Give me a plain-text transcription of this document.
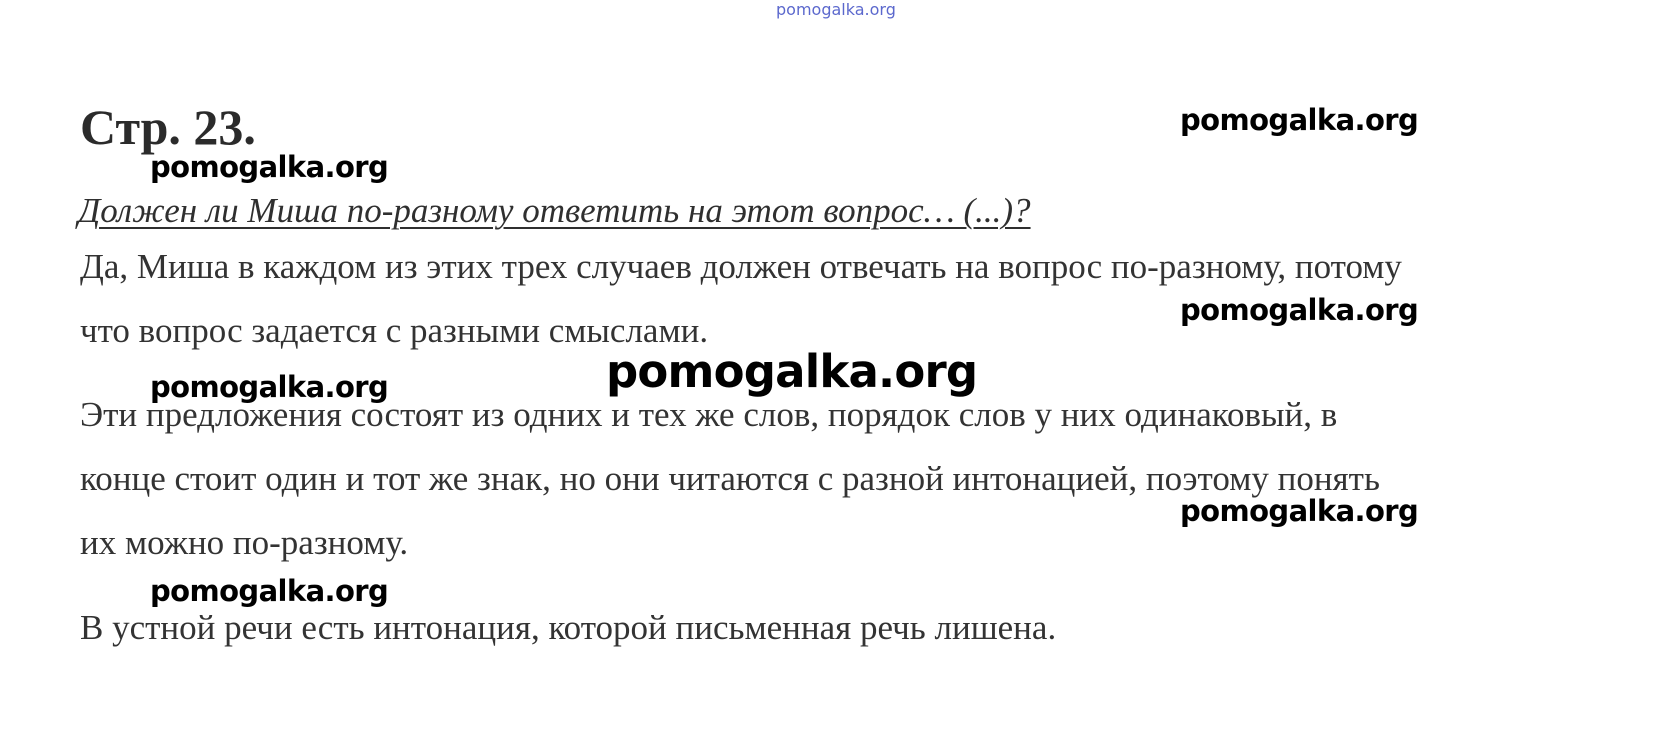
pomogalka.org
Стр. 23.
Должен ли Миша по-разному ответить на этот вопрос… (...)?

Да, Миша в каждом из этих трех случаев должен отвечать на вопрос по-разному, потому

что вопрос задается с разными смыслами.

Эти предложения состоят из одних и тех же слов, порядок слов у них одинаковый, в

конце стоит один и тот же знак, но они читаются с разной интонацией, поэтому понять

их можно по-разному.

В устной речи есть интонация, которой письменная речь лишена.

pomogalka.org
pomogalka.org
pomogalka.org
pomogalka.org
pomogalka.org
pomogalka.org
pomogalka.org
